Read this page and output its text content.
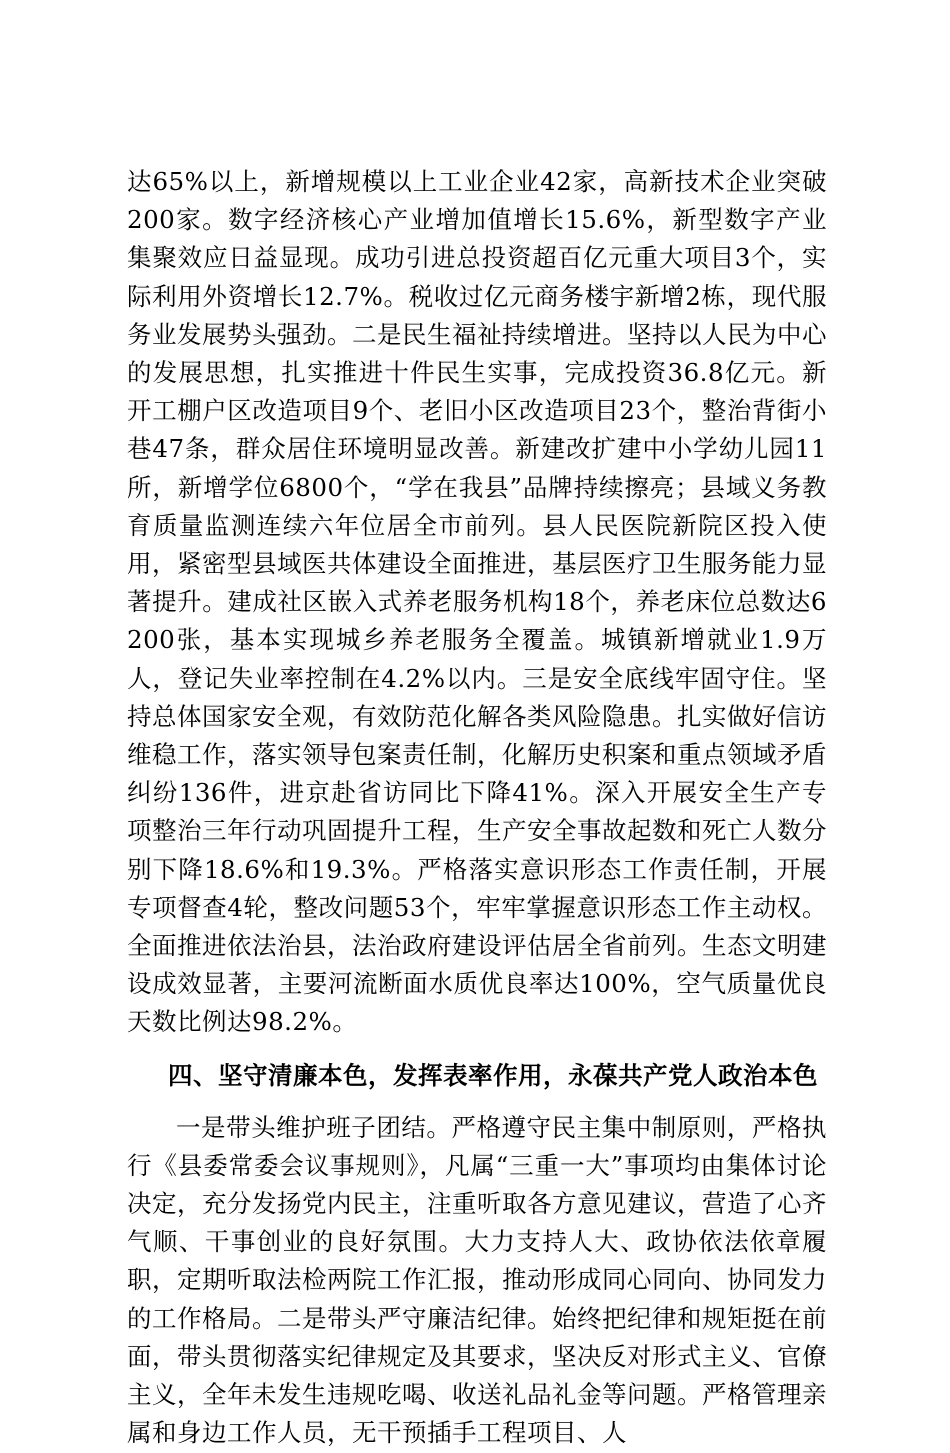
达65%以上，新增规模以上工业企业42家，高新技术企业突破200家。数字经济核心产业增加值增长15.6%，新型数字产业集聚效应日益显现。成功引进总投资超百亿元重大项目3个，实际利用外资增长12.7%。税收过亿元商务楼宇新增2栋，现代服务业发展势头强劲。二是民生福祉持续增进。坚持以人民为中心的发展思想，扎实推进十件民生实事，完成投资36.8亿元。新开工棚户区改造项目9个、老旧小区改造项目23个，整治背街小巷47条，群众居住环境明显改善。新建改扩建中小学幼儿园11所，新增学位6800个，“学在我县”品牌持续擦亮；县域义务教育质量监测连续六年位居全市前列。县人民医院新院区投入使用，紧密型县域医共体建设全面推进，基层医疗卫生服务能力显著提升。建成社区嵌入式养老服务机构18个，养老床位总数达6200张，基本实现城乡养老服务全覆盖。城镇新增就业1.9万人，登记失业率控制在4.2%以内。三是安全底线牢固守住。坚持总体国家安全观，有效防范化解各类风险隐患。扎实做好信访维稳工作，落实领导包案责任制，化解历史积案和重点领域矛盾纠纷136件，进京赴省访同比下降41%。深入开展安全生产专项整治三年行动巩固提升工程，生产安全事故起数和死亡人数分别下降18.6%和19.3%。严格落实意识形态工作责任制，开展专项督查4轮，整改问题53个，牢牢掌握意识形态工作主动权。全面推进依法治县，法治政府建设评估居全省前列。生态文明建设成效显著，主要河流断面水质优良率达100%，空气质量优良天数比例达98.2%。

四、坚守清廉本色，发挥表率作用，永葆共产党人政治本色

一是带头维护班子团结。严格遵守民主集中制原则，严格执行《县委常委会议事规则》，凡属“三重一大”事项均由集体讨论决定，充分发扬党内民主，注重听取各方意见建议，营造了心齐气顺、干事创业的良好氛围。大力支持人大、政协依法依章履职，定期听取法检两院工作汇报，推动形成同心同向、协同发力的工作格局。二是带头严守廉洁纪律。始终把纪律和规矩挺在前面，带头贯彻落实纪律规定及其要求，坚决反对形式主义、官僚主义，全年未发生违规吃喝、收送礼品礼金等问题。严格管理亲属和身边工作人员，无干预插手工程项目、人
